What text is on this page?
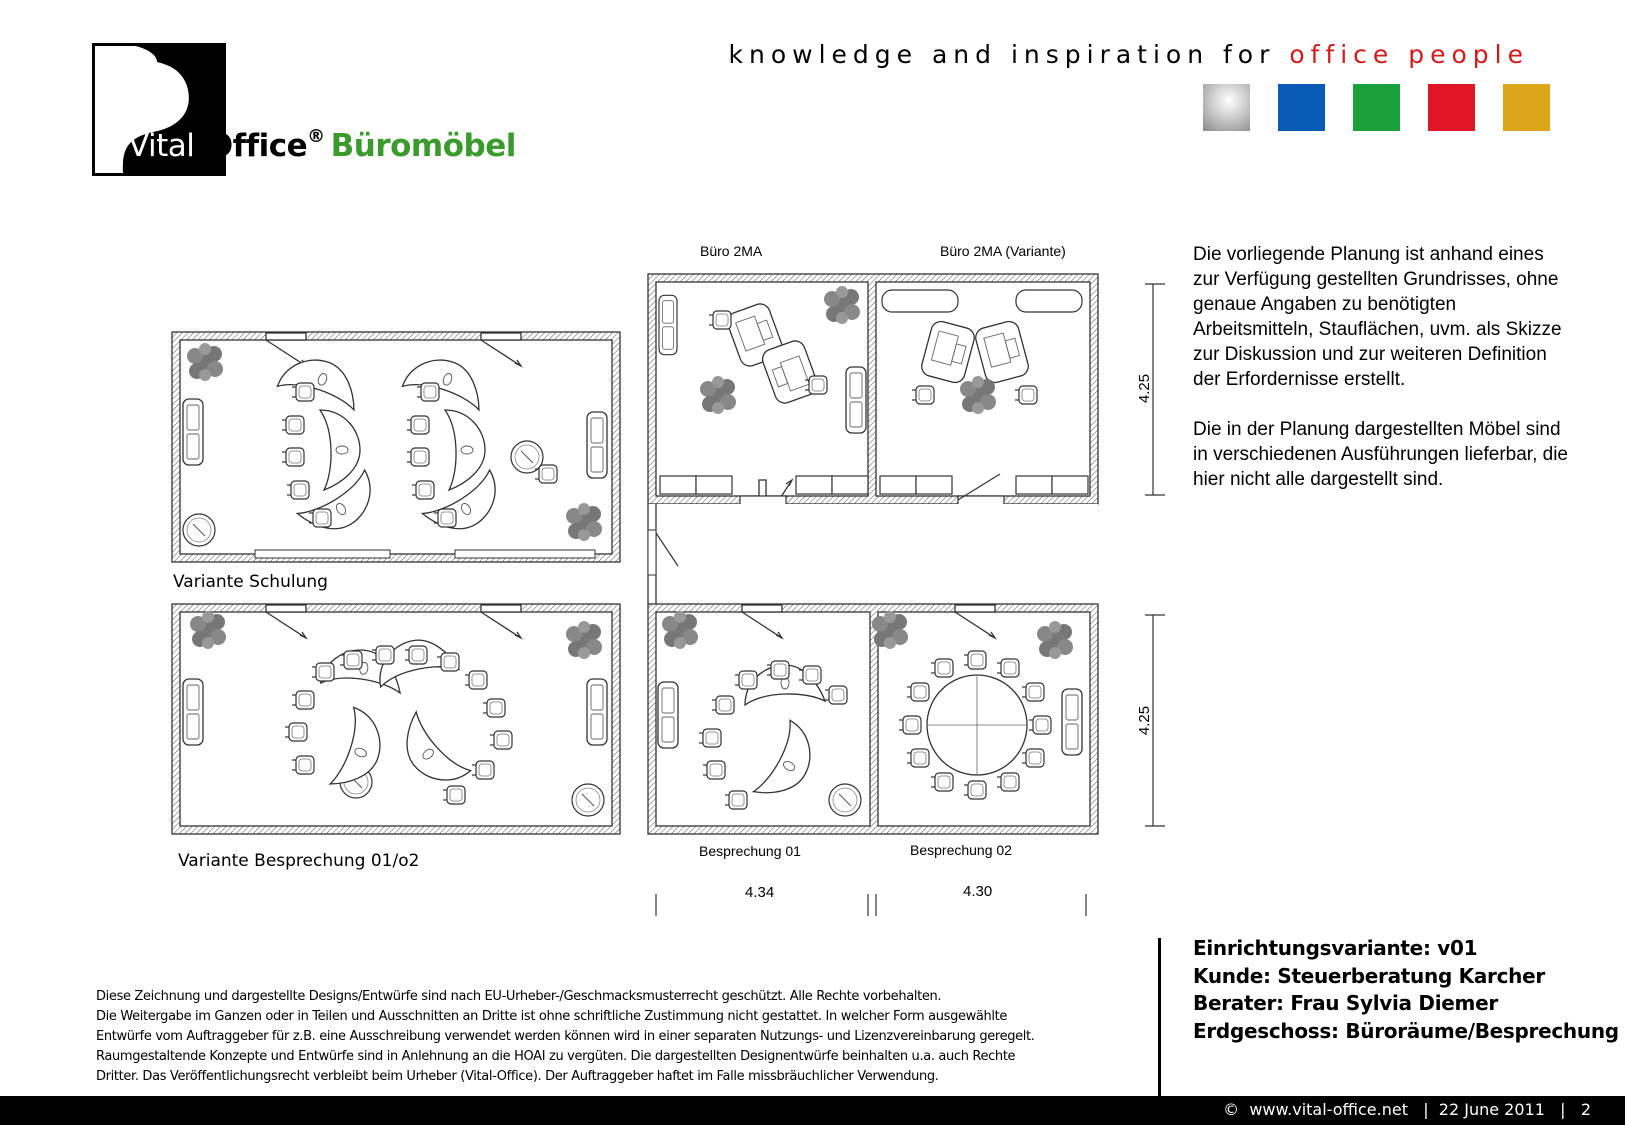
Vital-Office® Büromöbel
knowledge and inspiration for office people
Büro 2MA	Büro 2MA (Variante)
Besprechung 01	Besprechung 02
Variante Schulung
Variante Besprechung 01/o2
4.25
4.25
4.34	4.30

Die vorliegende Planung ist anhand eines zur Verfügung gestellten Grundrisses, ohne genaue Angaben zu benötigten Arbeitsmitteln, Stauflächen, uvm. als Skizze zur Diskussion und zur weiteren Definition der Erfordernisse erstellt.

Die in der Planung dargestellten Möbel sind in verschiedenen Ausführungen lieferbar, die hier nicht alle dargestellt sind.

Diese Zeichnung und dargestellte Designs/Entwürfe sind nach EU-Urheber-/Geschmacksmusterrecht geschützt. Alle Rechte vorbehalten.
Die Weitergabe im Ganzen oder in Teilen und Ausschnitten an Dritte ist ohne schriftliche Zustimmung nicht gestattet. In welcher Form ausgewählte
Entwürfe vom Auftraggeber für z.B. eine Ausschreibung verwendet werden können wird in einer separaten Nutzungs- und Lizenzvereinbarung geregelt.
Raumgestaltende Konzepte und Entwürfe sind in Anlehnung an die HOAI zu vergüten. Die dargestellten Designentwürfe beinhalten u.a. auch Rechte
Dritter. Das Veröffentlichungsrecht verbleibt beim Urheber (Vital-Office). Der Auftraggeber haftet im Falle missbräuchlicher Verwendung.
Einrichtungsvariante: v01
Kunde: Steuerberatung Karcher
Berater: Frau Sylvia Diemer
Erdgeschoss: Büroräume/Besprechung
© www.vital-office.net | 22 June 2011 | 2
